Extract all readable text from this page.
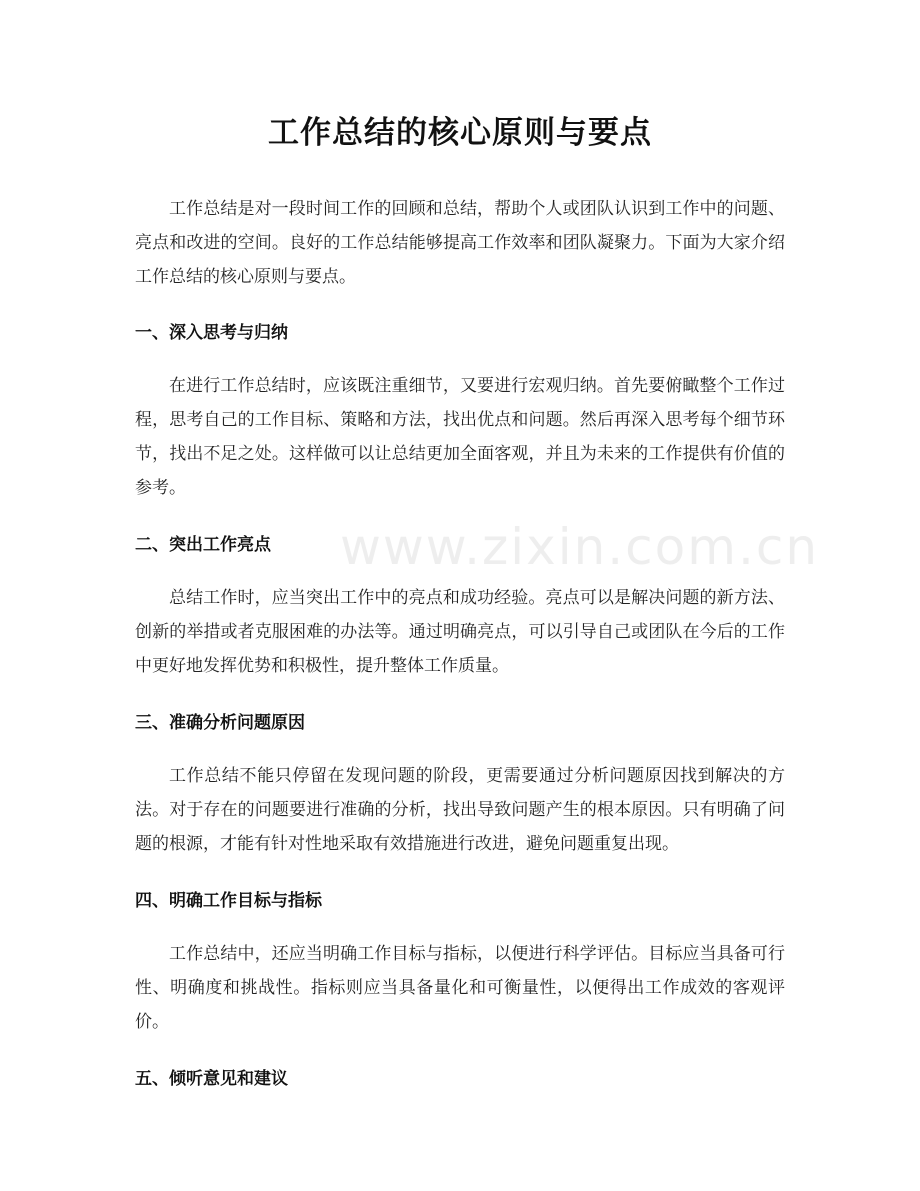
工作总结的核心原则与要点

工作总结是对一段时间工作的回顾和总结，帮助个人或团队认识到工作中的问题、亮点和改进的空间。良好的工作总结能够提高工作效率和团队凝聚力。下面为大家介绍工作总结的核心原则与要点。

一、深入思考与归纳

在进行工作总结时，应该既注重细节，又要进行宏观归纳。首先要俯瞰整个工作过程，思考自己的工作目标、策略和方法，找出优点和问题。然后再深入思考每个细节环节，找出不足之处。这样做可以让总结更加全面客观，并且为未来的工作提供有价值的参考。

二、突出工作亮点

总结工作时，应当突出工作中的亮点和成功经验。亮点可以是解决问题的新方法、创新的举措或者克服困难的办法等。通过明确亮点，可以引导自己或团队在今后的工作中更好地发挥优势和积极性，提升整体工作质量。

三、准确分析问题原因

工作总结不能只停留在发现问题的阶段，更需要通过分析问题原因找到解决的方法。对于存在的问题要进行准确的分析，找出导致问题产生的根本原因。只有明确了问题的根源，才能有针对性地采取有效措施进行改进，避免问题重复出现。

四、明确工作目标与指标

工作总结中，还应当明确工作目标与指标，以便进行科学评估。目标应当具备可行性、明确度和挑战性。指标则应当具备量化和可衡量性，以便得出工作成效的客观评价。

五、倾听意见和建议
www.zixin.com.cn
